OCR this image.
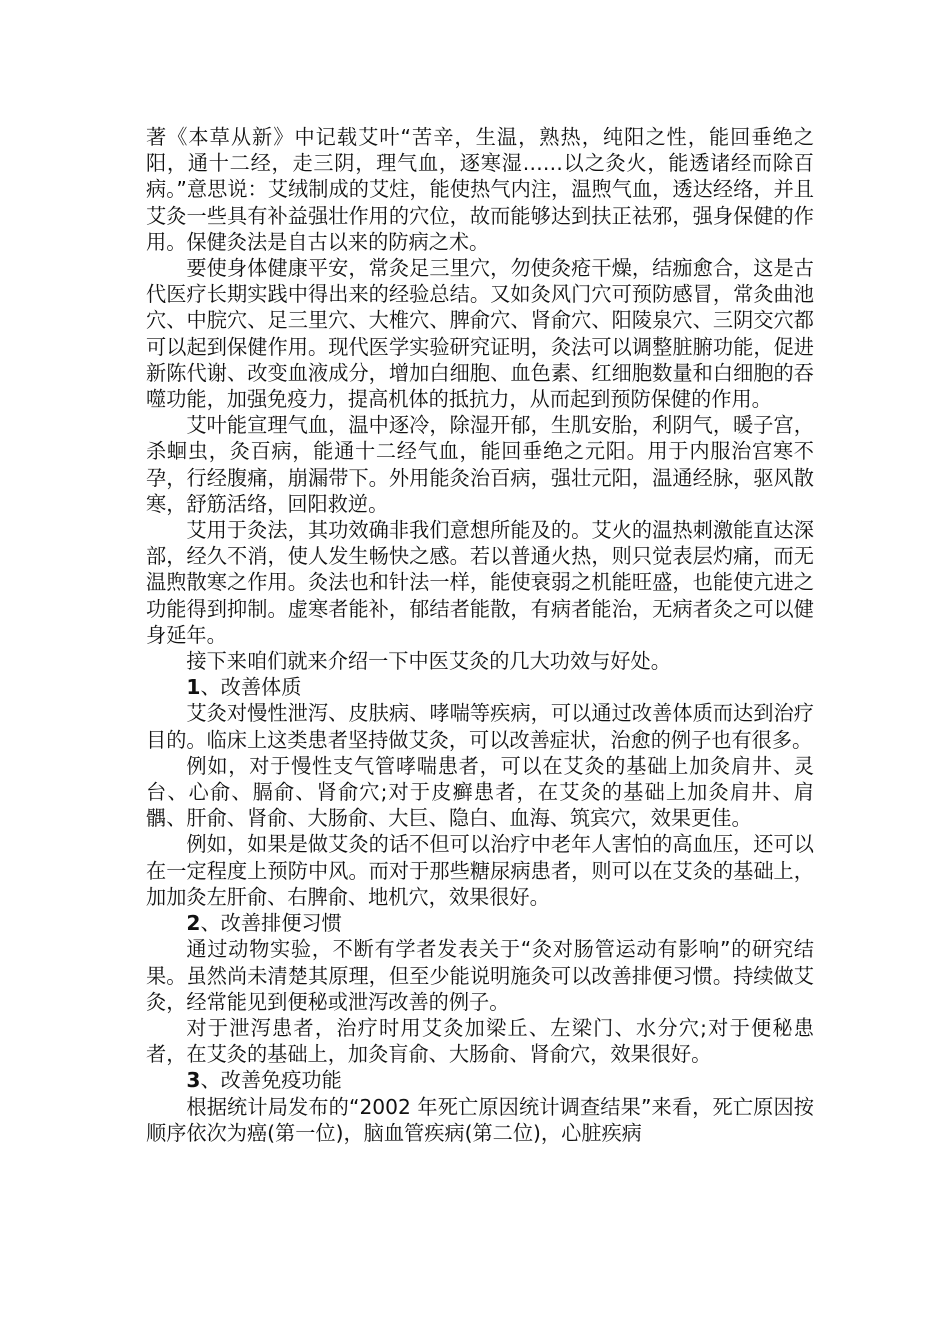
著《本草从新》中记载艾叶“苦辛，生温，熟热，纯阳之性，能回垂绝之阳，通十二经，走三阴，理气血，逐寒湿……以之灸火，能透诸经而除百病。”意思说：艾绒制成的艾炷，能使热气内注，温煦气血，透达经络，并且艾灸一些具有补益强壮作用的穴位，故而能够达到扶正祛邪，强身保健的作用。保健灸法是自古以来的防病之术。

要使身体健康平安，常灸足三里穴，勿使灸疮干燥，结痂愈合，这是古代医疗长期实践中得出来的经验总结。又如灸风门穴可预防感冒，常灸曲池穴、中脘穴、足三里穴、大椎穴、脾俞穴、肾俞穴、阳陵泉穴、三阴交穴都可以起到保健作用。现代医学实验研究证明，灸法可以调整脏腑功能，促进新陈代谢、改变血液成分，增加白细胞、血色素、红细胞数量和白细胞的吞噬功能，加强免疫力，提高机体的抵抗力，从而起到预防保健的作用。

艾叶能宣理气血，温中逐冷，除湿开郁，生肌安胎，利阴气，暖子宫，杀蛔虫，灸百病，能通十二经气血，能回垂绝之元阳。用于内服治宫寒不孕，行经腹痛，崩漏带下。外用能灸治百病，强壮元阳，温通经脉，驱风散寒，舒筋活络，回阳救逆。

艾用于灸法，其功效确非我们意想所能及的。艾火的温热刺激能直达深部，经久不消，使人发生畅快之感。若以普通火热，则只觉表层灼痛，而无温煦散寒之作用。灸法也和针法一样，能使衰弱之机能旺盛，也能使亢进之功能得到抑制。虚寒者能补，郁结者能散，有病者能治，无病者灸之可以健身延年。

接下来咱们就来介绍一下中医艾灸的几大功效与好处。

1、改善体质

艾灸对慢性泄泻、皮肤病、哮喘等疾病，可以通过改善体质而达到治疗目的。临床上这类患者坚持做艾灸，可以改善症状，治愈的例子也有很多。

例如，对于慢性支气管哮喘患者，可以在艾灸的基础上加灸肩井、灵台、心俞、膈俞、肾俞穴;对于皮癣患者，在艾灸的基础上加灸肩井、肩髃、肝俞、肾俞、大肠俞、大巨、隐白、血海、筑宾穴，效果更佳。

例如，如果是做艾灸的话不但可以治疗中老年人害怕的高血压，还可以在一定程度上预防中风。而对于那些糖尿病患者，则可以在艾灸的基础上，加加灸左肝俞、右脾俞、地机穴，效果很好。

2、改善排便习惯

通过动物实验，不断有学者发表关于“灸对肠管运动有影响”的研究结果。虽然尚未清楚其原理，但至少能说明施灸可以改善排便习惯。持续做艾灸，经常能见到便秘或泄泻改善的例子。

对于泄泻患者，治疗时用艾灸加梁丘、左梁门、水分穴;对于便秘患者，在艾灸的基础上，加灸肓俞、大肠俞、肾俞穴，效果很好。

3、改善免疫功能

根据统计局发布的“2002 年死亡原因统计调查结果”来看，死亡原因按顺序依次为癌(第一位)，脑血管疾病(第二位)，心脏疾病
